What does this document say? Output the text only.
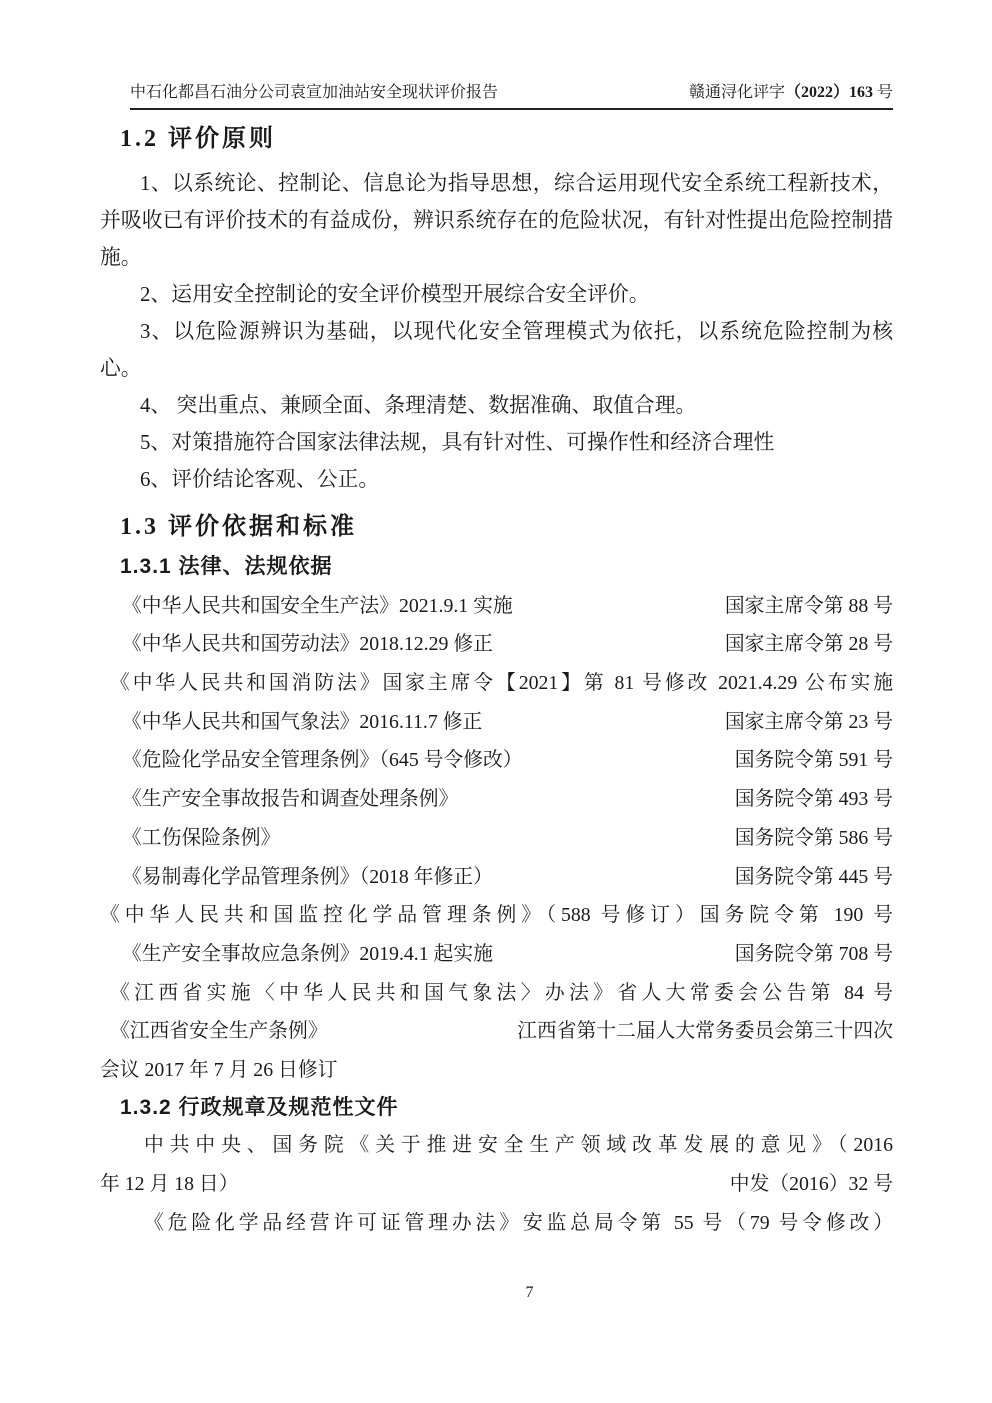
中石化都昌石油分公司袁宣加油站安全现状评价报告	赣通浔化评字（2022）163 号
1.2 评价原则

1、以系统论、控制论、信息论为指导思想，综合运用现代安全系统工程新技术，并吸收已有评价技术的有益成份，辨识系统存在的危险状况，有针对性提出危险控制措施。

2、运用安全控制论的安全评价模型开展综合安全评价。

3、以危险源辨识为基础，以现代化安全管理模式为依托，以系统危险控制为核心。

4、 突出重点、兼顾全面、条理清楚、数据准确、取值合理。

5、对策措施符合国家法律法规，具有针对性、可操作性和经济合理性

6、评价结论客观、公正。

1.3 评价依据和标准
1.3.1 法律、法规依据
《中华人民共和国安全生产法》2021.9.1 实施	国家主席令第 88 号
《中华人民共和国劳动法》2018.12.29 修正	国家主席令第 28 号
《中华人民共和国消防法》国家主席令【2021】第 81 号修改 2021.4.29 公布实施
《中华人民共和国气象法》2016.11.7 修正	国家主席令第 23 号
《危险化学品安全管理条例》（645 号令修改）	国务院令第 591 号
《生产安全事故报告和调查处理条例》	国务院令第 493 号
《工伤保险条例》	国务院令第 586 号
《易制毒化学品管理条例》（2018 年修正）	国务院令第 445 号
《中华人民共和国监控化学品管理条例》（588 号修订）国务院令第 190 号
《生产安全事故应急条例》2019.4.1 起实施	国务院令第 708 号
《江西省实施〈中华人民共和国气象法〉办法》省人大常委会公告第 84 号
《江西省安全生产条例》	江西省第十二届人大常务委员会第三十四次
会议 2017 年 7 月 26 日修订
1.3.2 行政规章及规范性文件
中共中央、国务院《关于推进安全生产领域改革发展的意见》（2016
年 12 月 18 日）	中发（2016）32 号
《危险化学品经营许可证管理办法》安监总局令第 55 号（79 号令修改）
7
